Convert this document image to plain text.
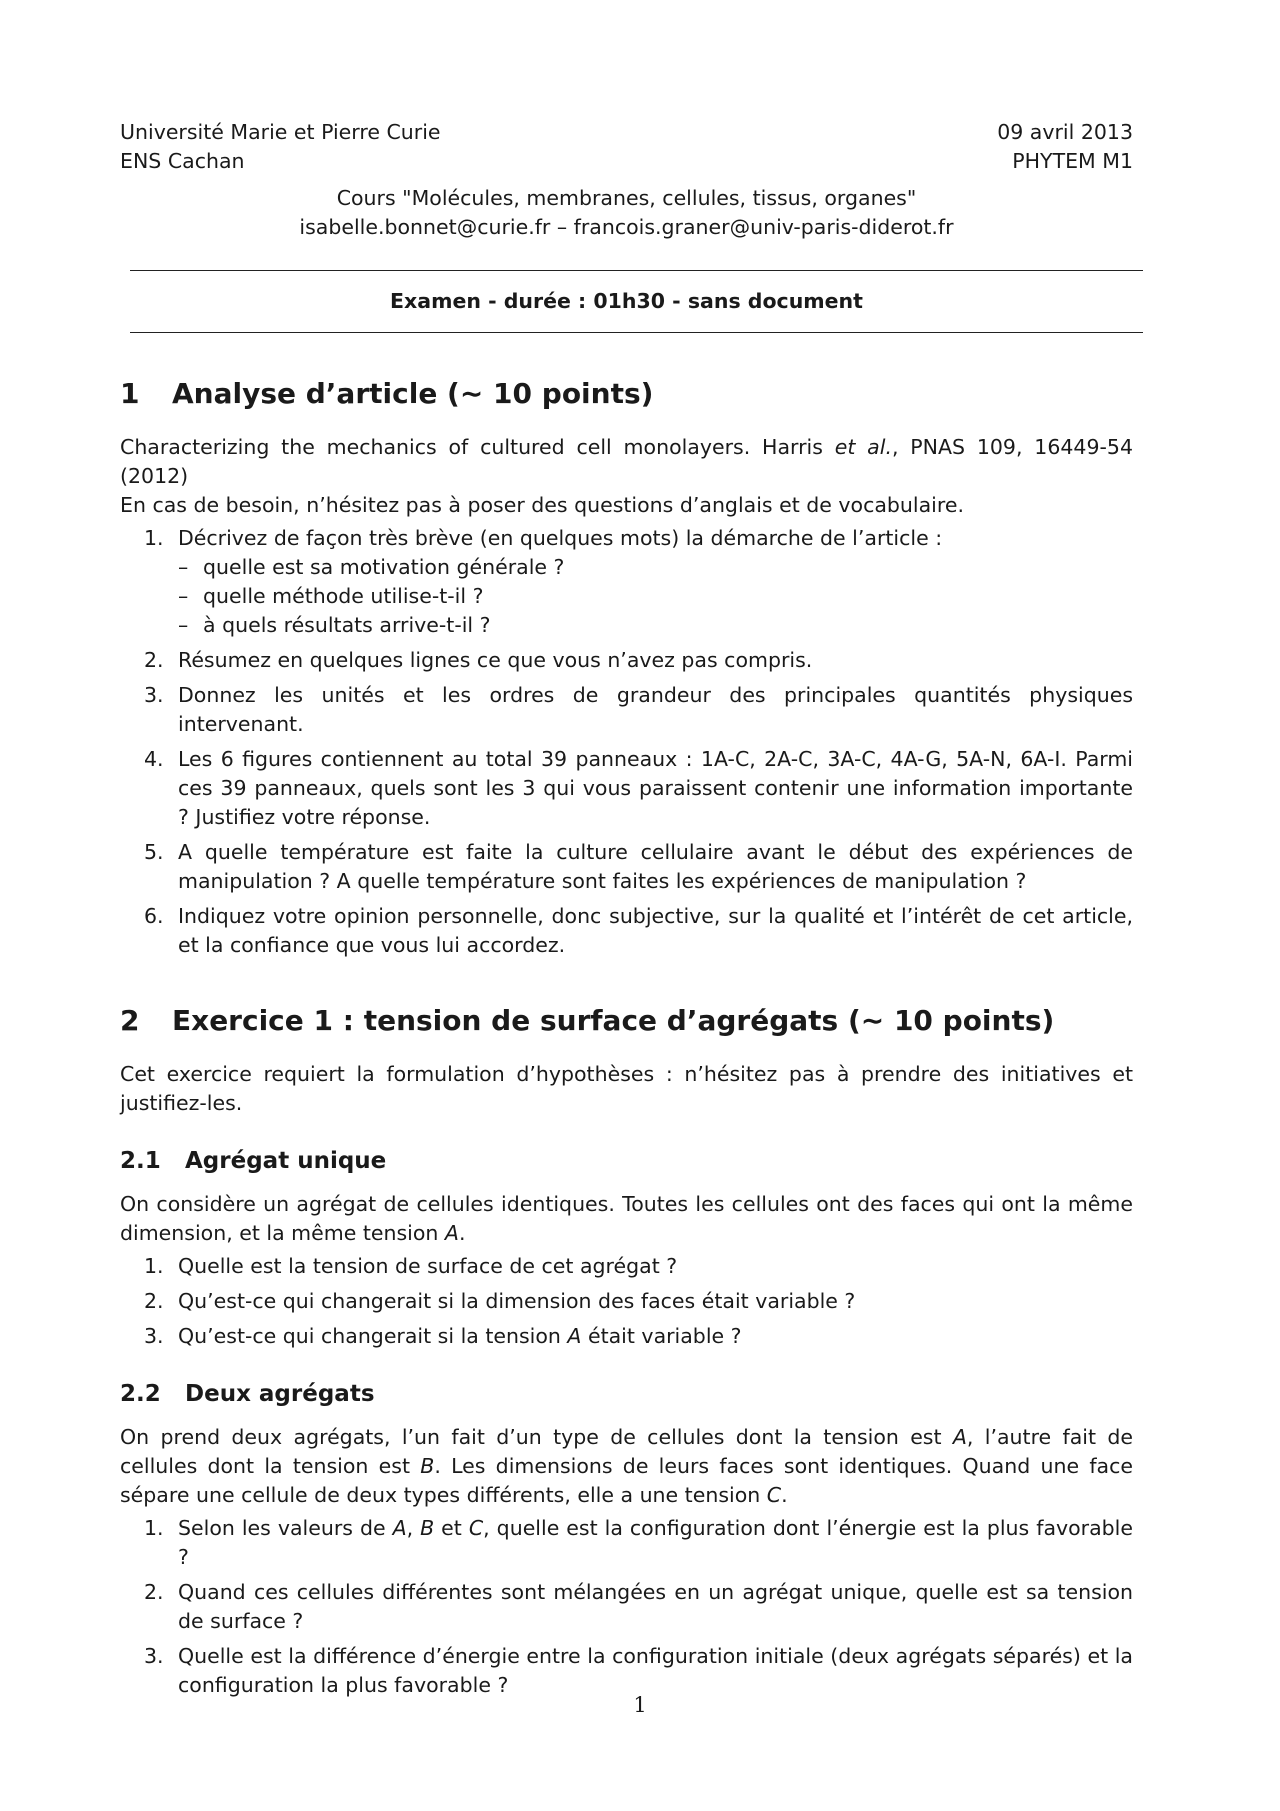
Université Marie et Pierre Curie
ENS Cachan
09 avril 2013
PHYTEM M1
Cours "Molécules, membranes, cellules, tissus, organes"
isabelle.bonnet@curie.fr – francois.graner@univ-paris-diderot.fr
Examen - durée : 01h30 - sans document
1 Analyse d’article (∼ 10 points)

Characterizing the mechanics of cultured cell monolayers. Harris et al., PNAS 109, 16449-54 (2012)

En cas de besoin, n’hésitez pas à poser des questions d’anglais et de vocabulaire.

1. Décrivez de façon très brève (en quelques mots) la démarche de l’article :
– quelle est sa motivation générale ?
– quelle méthode utilise-t-il ?
– à quels résultats arrive-t-il ?
2. Résumez en quelques lignes ce que vous n’avez pas compris.
3. Donnez les unités et les ordres de grandeur des principales quantités physiques intervenant.
4. Les 6 figures contiennent au total 39 panneaux : 1A-C, 2A-C, 3A-C, 4A-G, 5A-N, 6A-I. Parmi ces 39 panneaux, quels sont les 3 qui vous paraissent contenir une information importante ? Justifiez votre réponse.
5. A quelle température est faite la culture cellulaire avant le début des expériences de manipulation ? A quelle température sont faites les expériences de manipulation ?
6. Indiquez votre opinion personnelle, donc subjective, sur la qualité et l’intérêt de cet article, et la confiance que vous lui accordez.
2 Exercice 1 : tension de surface d’agrégats (∼ 10 points)

Cet exercice requiert la formulation d’hypothèses : n’hésitez pas à prendre des initiatives et justifiez-les.

2.1 Agrégat unique

On considère un agrégat de cellules identiques. Toutes les cellules ont des faces qui ont la même dimension, et la même tension A.

1. Quelle est la tension de surface de cet agrégat ?
2. Qu’est-ce qui changerait si la dimension des faces était variable ?
3. Qu’est-ce qui changerait si la tension A était variable ?
2.2 Deux agrégats

On prend deux agrégats, l’un fait d’un type de cellules dont la tension est A, l’autre fait de cellules dont la tension est B. Les dimensions de leurs faces sont identiques. Quand une face sépare une cellule de deux types différents, elle a une tension C.

1. Selon les valeurs de A, B et C, quelle est la configuration dont l’énergie est la plus favorable ?
2. Quand ces cellules différentes sont mélangées en un agrégat unique, quelle est sa tension de surface ?
3. Quelle est la différence d’énergie entre la configuration initiale (deux agrégats séparés) et la configuration la plus favorable ?
1
